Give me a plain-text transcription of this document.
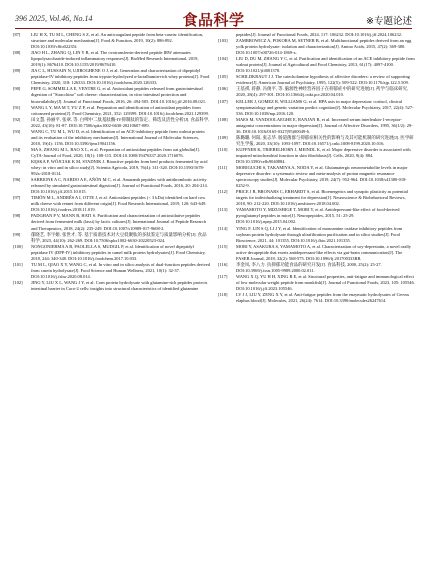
396 2025, Vol.46, No.14	食品科学	※专题论述
[87]	LIU H X, TU M L, CHENG S Z, et al. An anticoagulant peptide from beta-casein: identification, structure and molecular mechanism[J]. Food & Function, 2019, 10(2): 886-892. DOI:10.1039/c8fo02235f.
[88]	JIAO H L, ZHANG Q, LIN Y B, et al. The ovotransferrin-derived peptide IRW attenuates lipopolysaccharide-induced inflammatory responses[J]. BioMed Research International, 2019, 2019(1): 8676410. DOI:10.1155/2019/8676410.
[89]	JIA C L, HUSSAIN N, UJIROGHENE O J, et al. Generation and characterization of dipeptidyl peptidase-IV inhibitory peptides from trypsin-hydrolyzed α-lactalbumin-rich whey proteins[J]. Food Chemistry, 2020, 318: 126333. DOI:10.1016/j.foodchem.2020.126333.
[90]	PEPE G, SOMMELLA E, VENTRE G, et al. Antioxidant peptides released from gastrointestinal digestion of "Stracchino" soft cheese: characterization, in vitro intestinal protection and bioavailability[J]. Journal of Functional Foods, 2016, 26: 494-505. DOI:10.1016/j.jff.2016.08.021.
[91]	WANG L Y, MA M T, YU Z P, et al. Preparation and identification of antioxidant peptides from cottonseed proteins[J]. Food Chemistry, 2021, 352: 129399. DOI:10.1016/j.foodchem.2021.129399.
[92]	田文慧, 孙丽平, 张翠, 等. 白啤中二肽基肽酶-IV抑制肽的鉴定、筛选及活性分析[J]. 食品科学, 2022, 43(10): 81-87. DOI:10.7506/spkx1002-6630-20210607-089.
[93]	WANG C, TU M L, WU D, et al. Identification of an ACE-inhibitory peptide from walnut protein and its evaluation of the inhibitory mechanism[J]. International Journal of Molecular Sciences, 2018, 19(4): 1156. DOI:10.3390/ijms19041156.
[94]	MA S, ZHANG M L, BAO X L, et al. Preparation of antioxidant peptides from oat globulin[J]. CyTA-Journal of Food, 2020, 18(1): 108-115. DOI:10.1080/19476337.2020.1716076.
[95]	KĘSKA P, WÓJCIAK K M, STADNIK J. Bioactive peptides from beef products fermented by acid whey: in vitro and in silico study[J]. Scientia Agricola, 2019, 76(4): 311-320. DOI:10.1590/1678-992x-2018-0114.
[96]	SABBIONE A C, NARDO A E, AÑÓN M C, et al. Amaranth peptides with antithrombotic activity released by simulated gastrointestinal digestion[J]. Journal of Functional Foods, 2016, 20: 204-214. DOI:10.1016/j.jff.2015.10.015.
[97]	TIMÓN M L, ANDRÉS A I, OTTE J, et al. Antioxidant peptides (< 3 kDa) identified on hard cow milk cheese with rennet from different origin[J]. Food Research International, 2019, 120: 643-649. DOI:10.1016/j.foodres.2018.11.019.
[98]	PADGHAN P V, MANN B, HATI S. Purification and characterization of antioxidative peptides derived from fermented milk (lassi) by lactic cultures[J]. International Journal of Peptide Research and Therapeutics, 2018, 24(2): 235-249. DOI:10.1007/s10989-017-9608-2.
[99]	郁晓艺, 李宇姬, 张世才, 等. 基于质谱技术对大豆低聚肽的多肽鉴定与质量影响分析[J]. 食品科学, 2023, 44(10): 262-269. DOI:10.7506/spkx1002-6630-20220523-024.
[100]	NONGONIERMA A B, PAOLELLA S, MUDGIL P, et al. Identification of novel dipeptidyl peptidase IV (DPP-IV) inhibitory peptides in camel milk protein hydrolysates[J]. Food Chemistry, 2018, 244: 340-348. DOI:10.1016/j.foodchem.2017.10.033.
[101]	TU M L, QIAO X Y, WANG C, et al. In vitro and in silico analysis of dual-function peptides derived from casein hydrolysate[J]. Food Science and Human Wellness, 2021, 10(1): 32-37. DOI:10.1016/j.fshw.2020.08.014.
[102]	JING Y, LIU X L, WANG J Y, et al. Corn protein hydrolysate with glutamine-rich peptides protects intestinal barrier in Caco-2 cells: insights into structural characteristics of identified glutamine
peptides[J]. Journal of Functional Foods, 2024, 117: 106232. DOI:10.1016/j.jff.2024.106232.
[103]	ZAMBROWICZ A, POKORA M, SETNER B, et al. Multifunctional peptides derived from an egg yolk protein hydrolysate: isolation and characterization[J]. Amino Acids, 2015, 47(2): 369-380. DOI:10.1007/s00726-014-1869-x.
[104]	LIU D, DU M, ZHANG Y C, et al. Purification and identification of an ACE inhibitory peptide from walnut protein[J]. Journal of Agricultural and Food Chemistry, 2013, 61(17): 4097-4100. DOI:10.1021/jf4001378.
[105]	SCHILDKRAUT J J. The catecholamine hypothesis of affective disorders: a review of supporting evidence[J]. American Journal of Psychiatry, 1995, 122(5): 509-522. DOI:10.1176/ajp.122.5.509.
[106]	王基祺, 蒋静, 冯俊平, 等. 脑源性神经营养因子在抑郁症中的研究进展[J]. 药学与临床研究, 2020, 28(4): 297-301. DOI:10.13664/j.cnki.pcr.2020.04.010.
[107]	KELLER J, GOMEZ R, WILLIAMS G, et al. HPA axis in major depression: cortisol, clinical symptomatology and genetic variation predict cognition[J]. Molecular Psychiatry, 2017, 22(4): 527-536. DOI:10.1038/mp.2016.120.
[108]	MAES M, VANDOOLAEGHE E, RANJAN R, et al. Increased serum interleukin-1-receptor-antagonist concentrations in major depression[J]. Journal of Affective Disorders, 1995, 36(1/2): 29-36. DOI:10.1016/0165-0327(95)00049-6.
[109]	陈璐璐, 何阳, 张志华. 肠道菌群与抑郁症相关性的影响与及其可能机制的研究进展[J]. 医学研究生学报, 2020, 33(10): 1093-1097. DOI:10.16571/j.cnki.1008-8199.2020.10.016.
[110]	KUFFNER K, TRIEBELHORN J, MEINDL K, et al. Major depressive disorder is associated with impaired mitochondrial function in skin fibroblasts[J]. Cells, 2020, 9(4): 884. DOI:10.3390/cells9040884.
[111]	MORIGUCHI S, TAKAMIYA A, NODA Y, et al. Glutamatergic neurometabolite levels in major depressive disorder: a systematic review and meta-analysis of proton magnetic resonance spectroscopy studies[J]. Molecular Psychiatry, 2019, 24(7): 952-964. DOI:10.1038/s41380-018-0252-9.
[112]	PRICE J B, BRONARS C, ERHARDT S, et al. Bioenergetics and synaptic plasticity as potential targets for individualizing treatment for depression[J]. Neuroscience & Biobehavioral Reviews, 2018, 90: 212-220. DOI:10.1016/j.neubiorev.2018.04.002.
[113]	YAMAMOTO Y, MIZUSHIGE T, MORI Y, et al. Antidepressant-like effect of food-derived pyroglutamyl peptides in mice[J]. Neuropeptides, 2015, 51: 25-29. DOI:10.1016/j.npep.2015.04.002.
[114]	YING F, LIN S Q, LI J Y, et al. Identification of monoamine oxidase inhibitory peptides from soybean protein hydrolysate through ultrafiltration purification and in silico studies[J]. Food Bioscience, 2021, 44: 101355. DOI:10.1016/j.fbio.2021.101355.
[115]	MORI Y, ASAKURA S, YAMAMOTO A, et al. Characterization of soy-deprestatin, a novel orally active decapeptide that exerts antidepressant-like effects via gut-brain communication[J]. The FASEB Journal, 2018, 32(2): 568-575. DOI:10.1096/fj.201700333RR.
[116]	李金凤, 李八力. 抗抑郁功能食品的研究开发[J]. 食品科技, 2000, 25(2): 25-27. DOI:10.3969/j.issn.1005-9989.2000.02.011.
[117]	WANG X Q, YU H H, XING R E, et al. Structural properties, anti-fatigue and immunological effect of low molecular weight peptide from monkfish[J]. Journal of Functional Foods, 2023, 105: 105546. DOI:10.1016/j.jff.2023.105546.
[118]	LV J J, LIU Y, ZENG X Y, et al. Anti-fatigue peptides from the enzymatic hydrolysates of Cervus elaphus blood[J]. Molecules, 2021, 26(24): 7614. DOI:10.3390/molecules26247614.
